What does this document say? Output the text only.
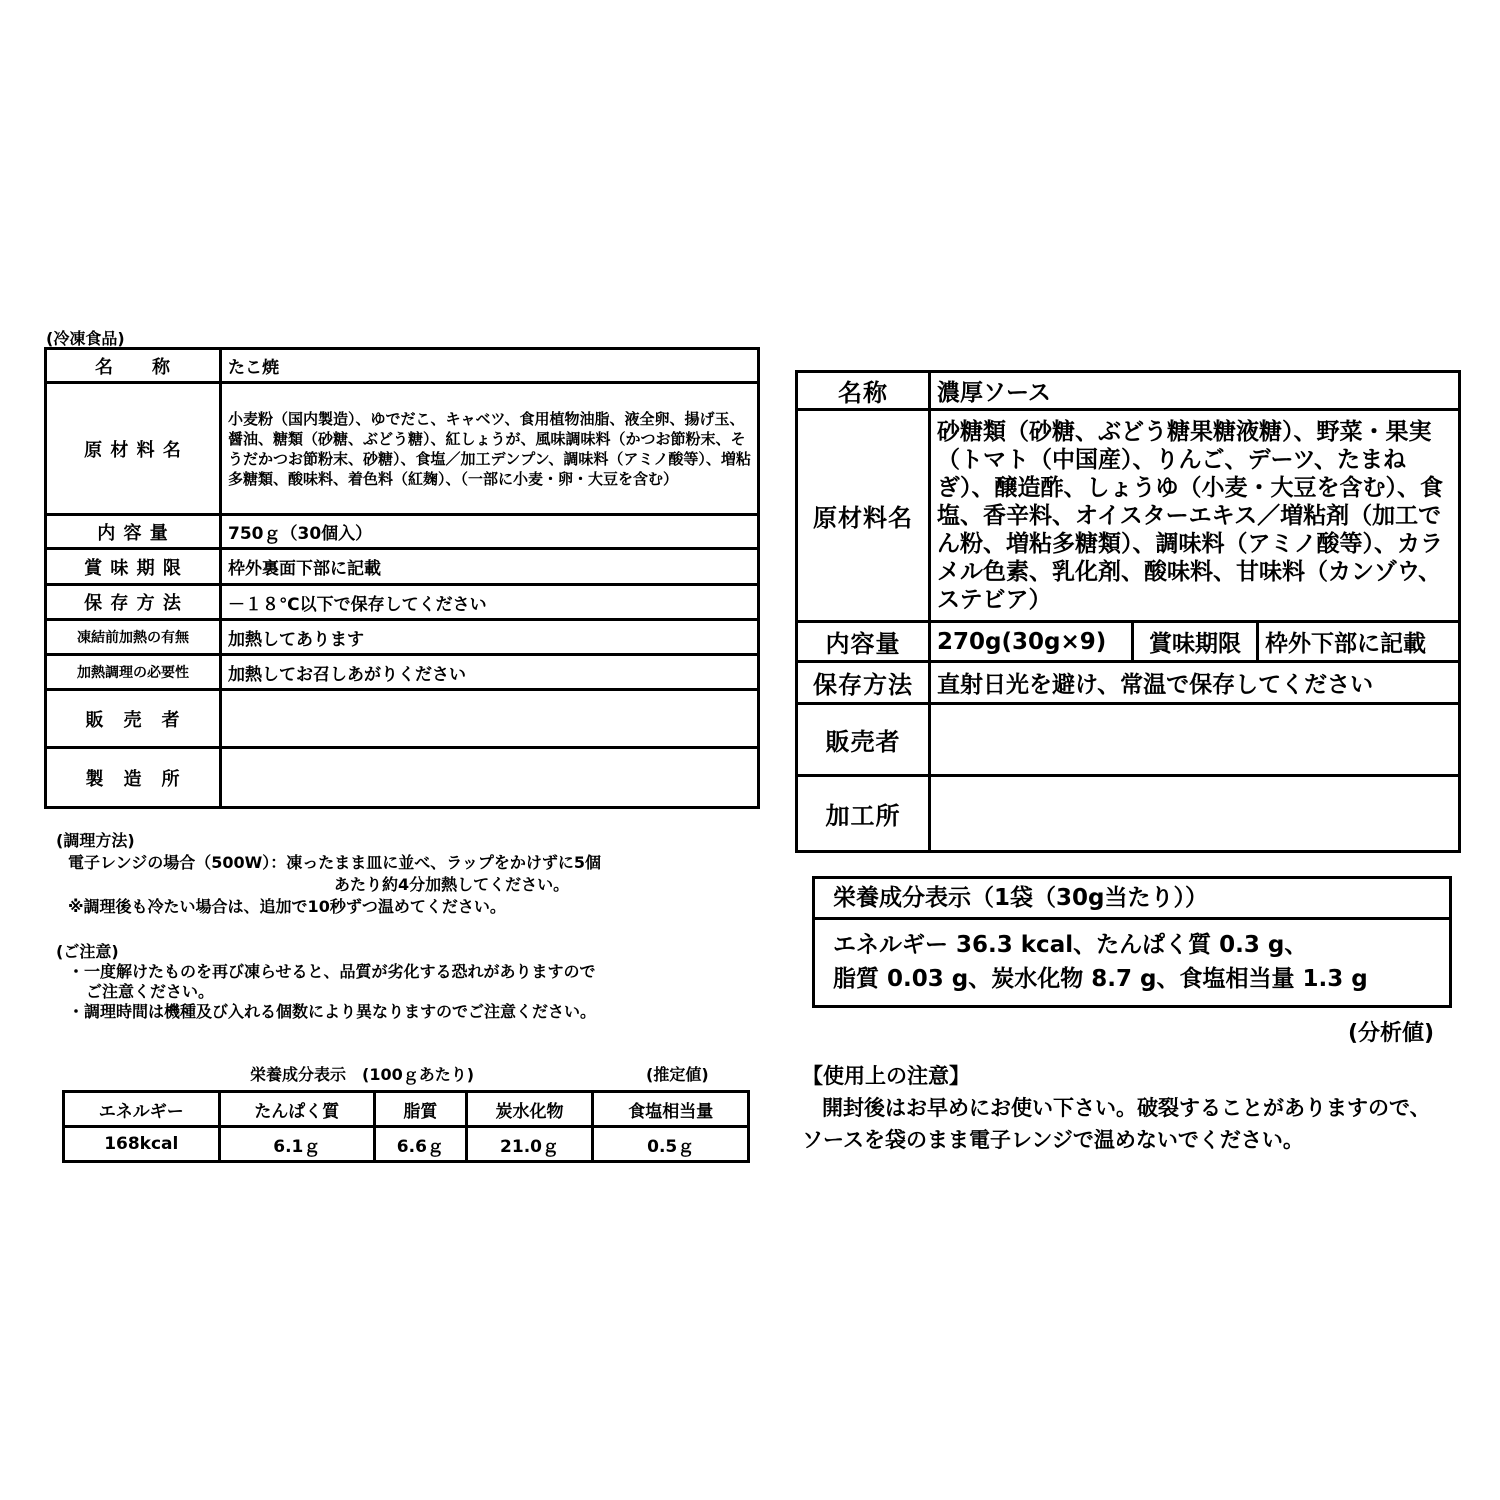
(冷凍食品)
名　　称	たこ焼
原 材 料 名	小麦粉（国内製造）、ゆでだこ、キャベツ、食用植物油脂、液全卵、揚げ玉、醤油、糖類（砂糖、ぶどう糖）、紅しょうが、風味調味料（かつお節粉末、そうだかつお節粉末、砂糖）、食塩／加工デンプン、調味料（アミノ酸等）、増粘多糖類、酸味料、着色料（紅麹）、（一部に小麦・卵・大豆を含む）
内 容 量	750ｇ（30個入）
賞 味 期 限	枠外裏面下部に記載
保 存 方 法	－１８℃以下で保存してください
凍結前加熱の有無	加熱してあります
加熱調理の必要性	加熱してお召しあがりください
販　売　者	
製　造　所	
(調理方法)
電子レンジの場合（500W）：凍ったまま皿に並べ、ラップをかけずに5個
あたり約4分加熱してください。
※調理後も冷たい場合は、追加で10秒ずつ温めてください。
(ご注意)
・一度解けたものを再び凍らせると、品質が劣化する恐れがありますので
ご注意ください。
・調理時間は機種及び入れる個数により異なりますのでご注意ください。
栄養成分表示　(100ｇあたり)	(推定値)
エネルギー	たんぱく質	脂質	炭水化物	食塩相当量
168kcal	6.1ｇ	6.6ｇ	21.0ｇ	0.5ｇ
名称	濃厚ソース		
原材料名	砂糖類（砂糖、ぶどう糖果糖液糖）、野菜・果実（トマト（中国産）、りんご、デーツ、たまねぎ）、醸造酢、しょうゆ（小麦・大豆を含む）、食塩、香辛料、オイスターエキス／増粘剤（加工でん粉、増粘多糖類）、調味料（アミノ酸等）、カラメル色素、乳化剤、酸味料、甘味料（カンゾウ、ステビア）		
内容量	270g(30g×9)	賞味期限	枠外下部に記載
保存方法	直射日光を避け、常温で保存してください		
販売者			
加工所			
栄養成分表示（1袋（30g当たり））
エネルギー 36.3 kcal、たんぱく質 0.3 g、
脂質 0.03 g、炭水化物 8.7 g、食塩相当量 1.3 g
(分析値)
【使用上の注意】
開封後はお早めにお使い下さい。破裂することがありますので、
ソースを袋のまま電子レンジで温めないでください。
